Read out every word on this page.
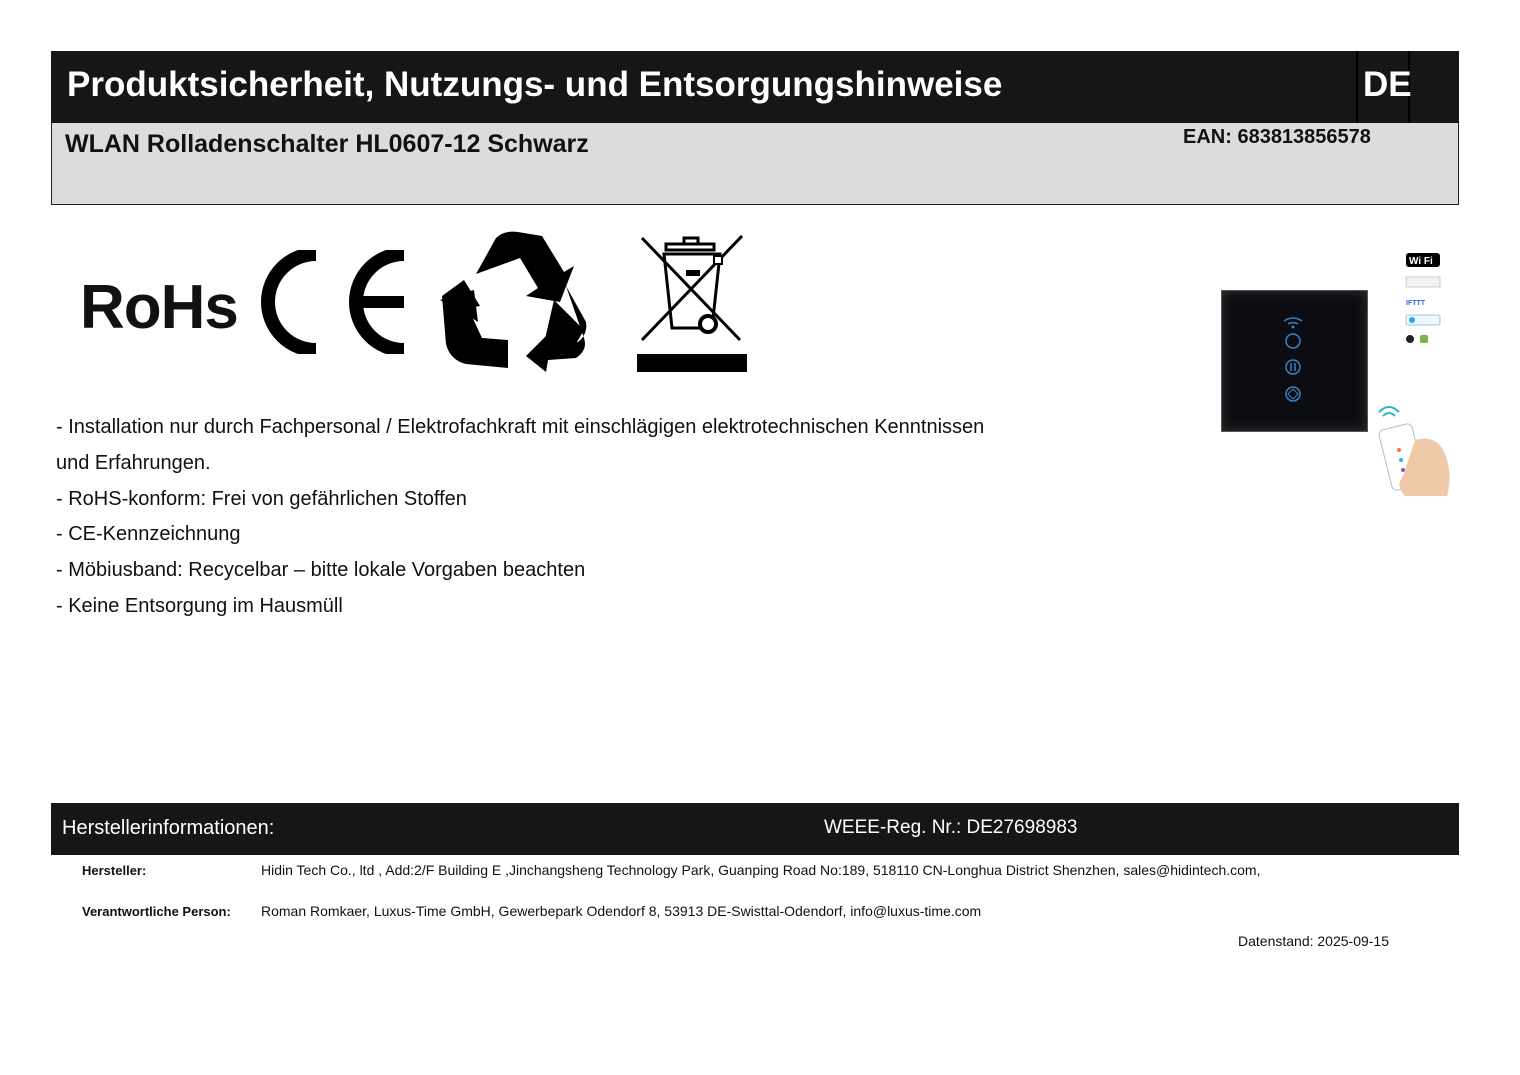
Produktsicherheit, Nutzungs- und Entsorgungshinweise	DE
WLAN Rolladenschalter HL0607-12 Schwarz	EAN: 683813856578
RoHs
Wi Fi
IFTTT
- Installation nur durch Fachpersonal / Elektrofachkraft mit einschlägigen elektrotechnischen Kenntnissen
und Erfahrungen.
- RoHS-konform: Frei von gefährlichen Stoffen
- CE-Kennzeichnung
- Möbiusband: Recycelbar – bitte lokale Vorgaben beachten
- Keine Entsorgung im Hausmüll
Herstellerinformationen:	WEEE-Reg. Nr.: DE27698983
Hersteller:	Hidin Tech Co., ltd , Add:2/F Building E ,Jinchangsheng Technology Park, Guanping Road No:189, 518110 CN-Longhua District Shenzhen, sales@hidintech.com,
Verantwortliche Person: Roman Romkaer, Luxus-Time GmbH, Gewerbepark Odendorf 8, 53913 DE-Swisttal-Odendorf, info@luxus-time.com
Datenstand: 2025-09-15
